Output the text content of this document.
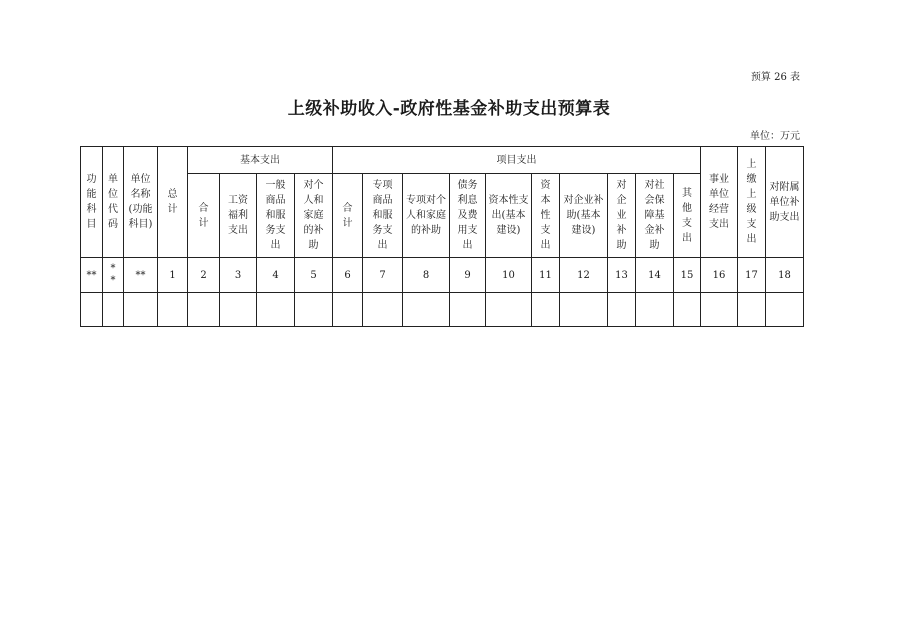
预算 26 表
上级补助收入-政府性基金补助支出预算表
单位：万元
功能科目	单位代码	单位名称(功能科目)	总计	基本支出				项目支出										事业单位经营支出	上缴上级支出	对附属单位补助支出

				合计	工资福利支出	一般商品和服务支出	对个人和家庭的补助	合计	专项商品和服务支出	专项对个人和家庭的补助	债务利息及费用支出	资本性支出(基本建设)	资本性支出	对企业补助(基本建设)	对企业补助	对社会保障基金补助	其他支出			

**	**	**	1	2	3	4	5	6	7	8	9	10	11	12	13	14	15	16	17	18
